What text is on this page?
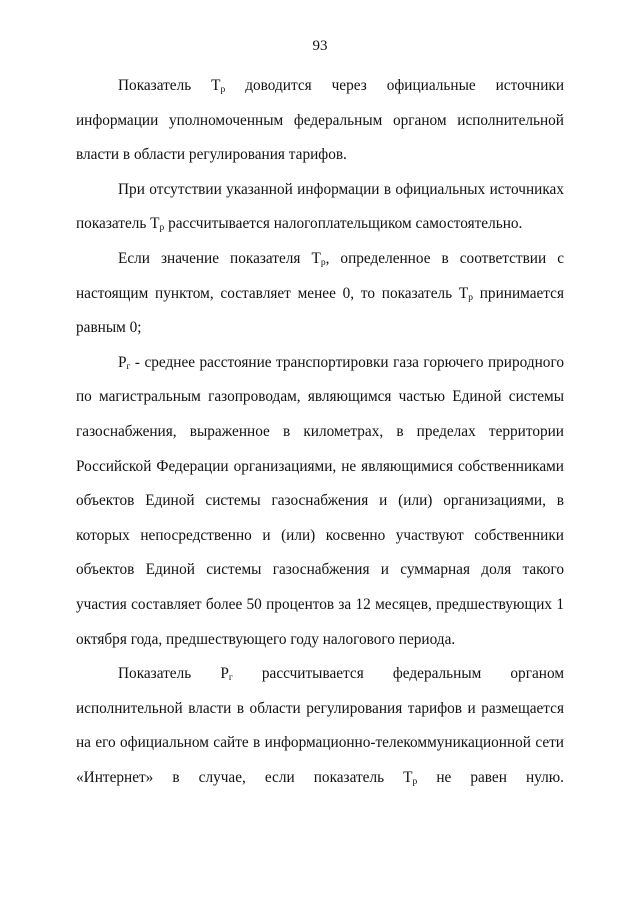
93

Показатель $Т_р$ доводится через официальные источники информации уполномоченным федеральным органом исполнительной власти в области регулирования тарифов.

При отсутствии указанной информации в официальных источниках показатель $Т_р$ рассчитывается налогоплательщиком самостоятельно.

Если значение показателя $Т_р$, определенное в соответствии с настоящим пунктом, составляет менее 0, то показатель $Т_р$ принимается равным 0;

$Р_г$ - среднее расстояние транспортировки газа горючего природного по магистральным газопроводам, являющимся частью Единой системы газоснабжения, выраженное в километрах, в пределах территории Российской Федерации организациями, не являющимися собственниками объектов Единой системы газоснабжения и (или) организациями, в которых непосредственно и (или) косвенно участвуют собственники объектов Единой системы газоснабжения и суммарная доля такого участия составляет более 50 процентов за 12 месяцев, предшествующих 1 октября года, предшествующего году налогового периода.

Показатель $Р_г$ рассчитывается федеральным органом исполнительной власти в области регулирования тарифов и размещается на его официальном сайте в информационно-телекоммуникационной сети «Интернет» в случае, если показатель $Т_р$ не равен нулю.
